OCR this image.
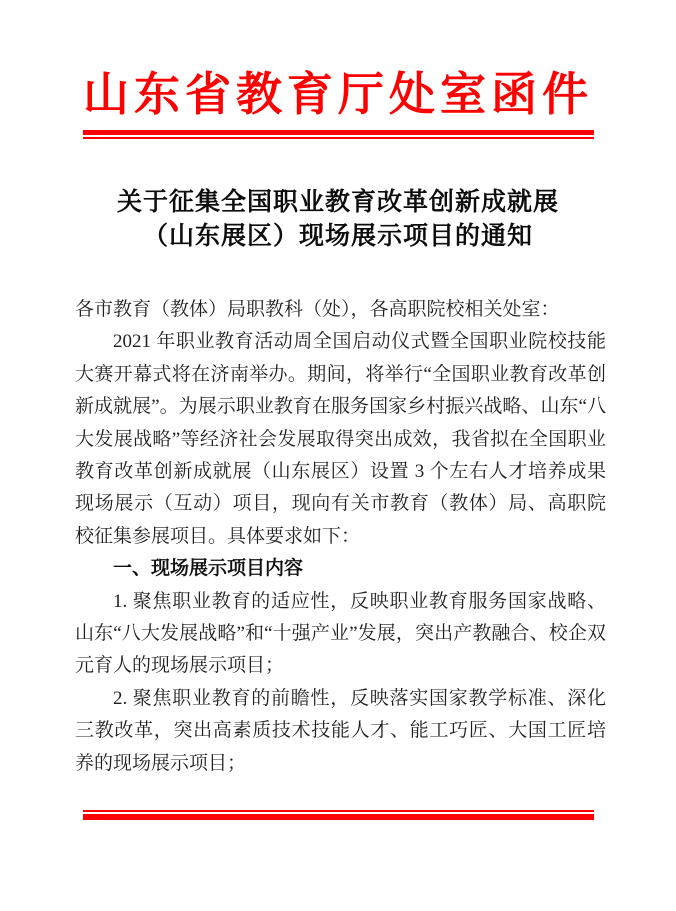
山东省教育厅处室函件
关于征集全国职业教育改革创新成就展
（山东展区）现场展示项目的通知

各市教育（教体）局职教科（处），各高职院校相关处室：

2021 年职业教育活动周全国启动仪式暨全国职业院校技能大赛开幕式将在济南举办。期间，将举行“全国职业教育改革创新成就展”。为展示职业教育在服务国家乡村振兴战略、山东“八大发展战略”等经济社会发展取得突出成效，我省拟在全国职业教育改革创新成就展（山东展区）设置 3 个左右人才培养成果现场展示（互动）项目，现向有关市教育（教体）局、高职院校征集参展项目。具体要求如下：

一、现场展示项目内容

1. 聚焦职业教育的适应性，反映职业教育服务国家战略、山东“八大发展战略”和“十强产业”发展，突出产教融合、校企双元育人的现场展示项目；

2. 聚焦职业教育的前瞻性，反映落实国家教学标准、深化三教改革，突出高素质技术技能人才、能工巧匠、大国工匠培养的现场展示项目；
